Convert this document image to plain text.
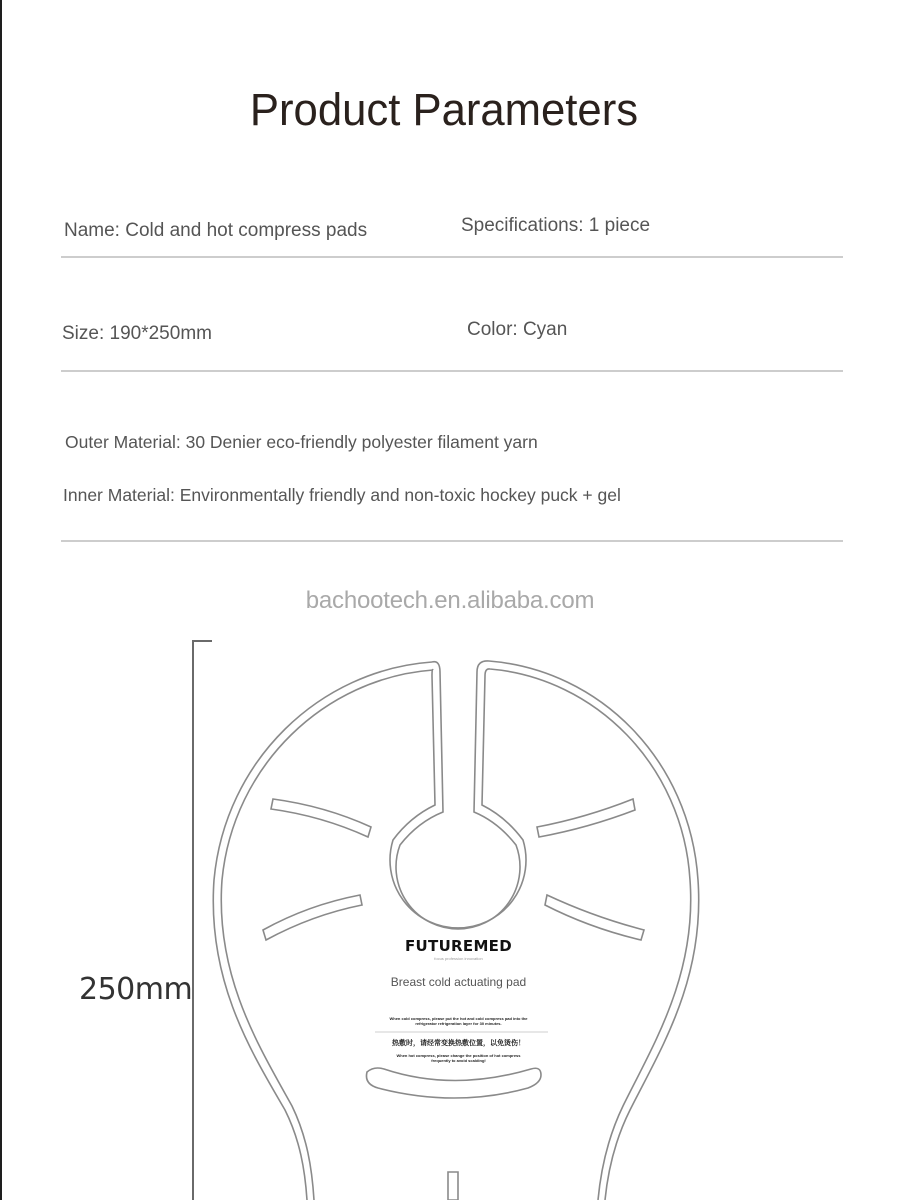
Product Parameters
Name: Cold and hot compress pads	Specifications: 1 piece
Size: 190*250mm	Color: Cyan
Outer Material: 30 Denier eco-friendly polyester filament yarn
Inner Material: Environmentally friendly and non-toxic hockey puck + gel
bachootech.en.alibaba.com
250mm
FUTUREMED
focus profession innovation
Breast cold actuating pad
When cold compress, please put the hot and cold compress pad into the refrigerator refrigeration layer for 30 minutes.
热敷时，请经常变换热敷位置，以免烫伤！
When hot compress, please change the position of hot compress frequently to avoid scalding!
